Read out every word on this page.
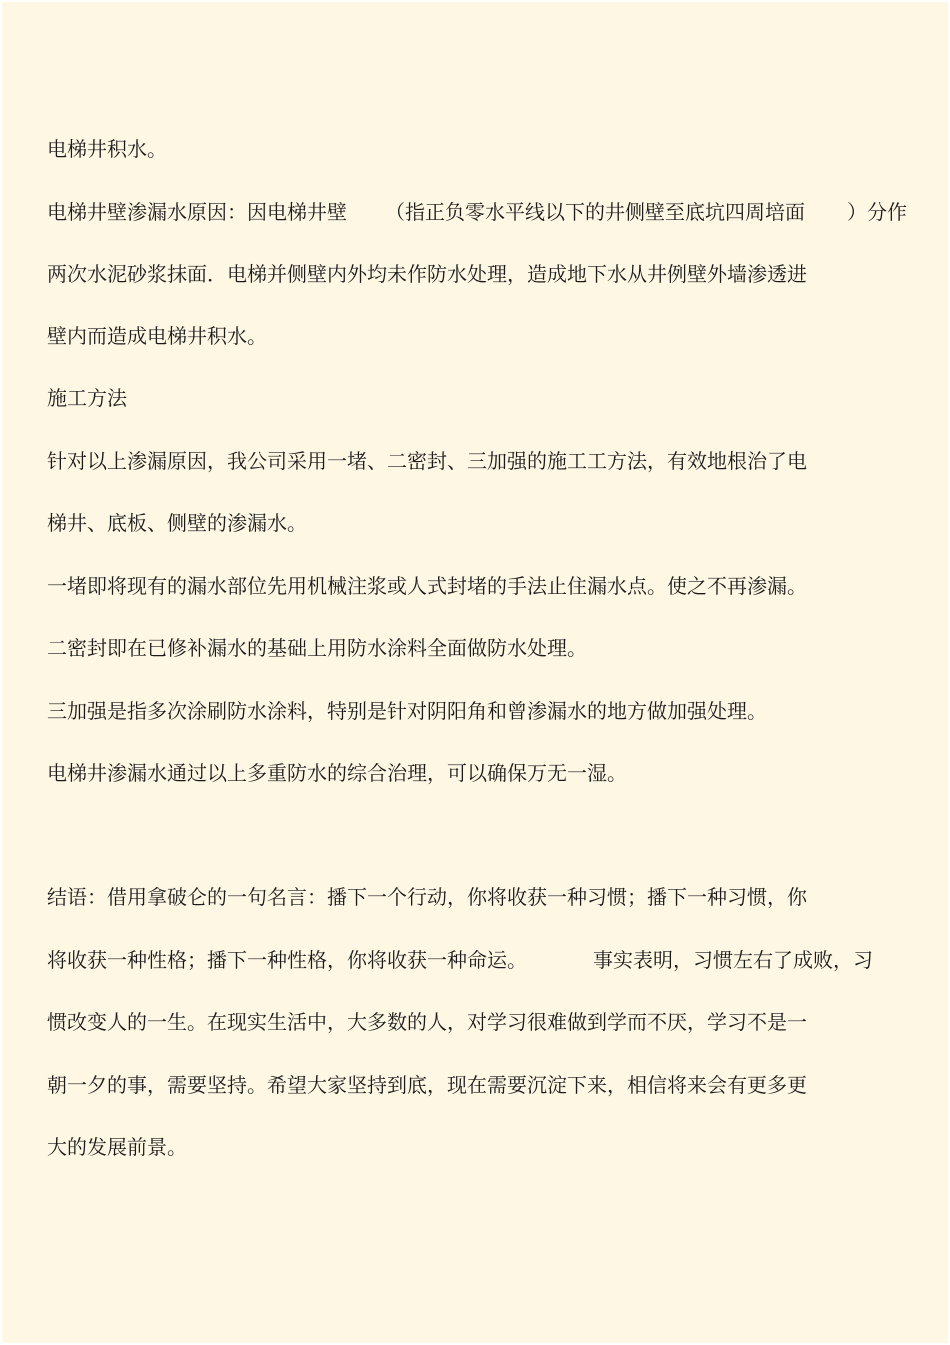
电梯井积水。

电梯井壁渗漏水原因：因电梯井壁 （指正负零水平线以下的井侧壁至底坑四周培面 ）分作

两次水泥砂浆抹面．电梯并侧壁内外均未作防水处理，造成地下水从井例壁外墙渗透进

壁内而造成电梯井积水。

施工方法

针对以上渗漏原因，我公司采用一堵、二密封、三加强的施工工方法，有效地根治了电

梯井、底板、侧壁的渗漏水。

一堵即将现有的漏水部位先用机械注浆或人式封堵的手法止住漏水点。使之不再渗漏。

二密封即在已修补漏水的基础上用防水涂料全面做防水处理。

三加强是指多次涂刷防水涂料，特别是针对阴阳角和曾渗漏水的地方做加强处理。

电梯井渗漏水通过以上多重防水的综合治理，可以确保万无一湿。

结语：借用拿破仑的一句名言：播下一个行动，你将收获一种习惯；播下一种习惯，你

将收获一种性格；播下一种性格，你将收获一种命运。	事实表明，习惯左右了成败，习

惯改变人的一生。在现实生活中，大多数的人，对学习很难做到学而不厌，学习不是一

朝一夕的事，需要坚持。希望大家坚持到底，现在需要沉淀下来，相信将来会有更多更

大的发展前景。
